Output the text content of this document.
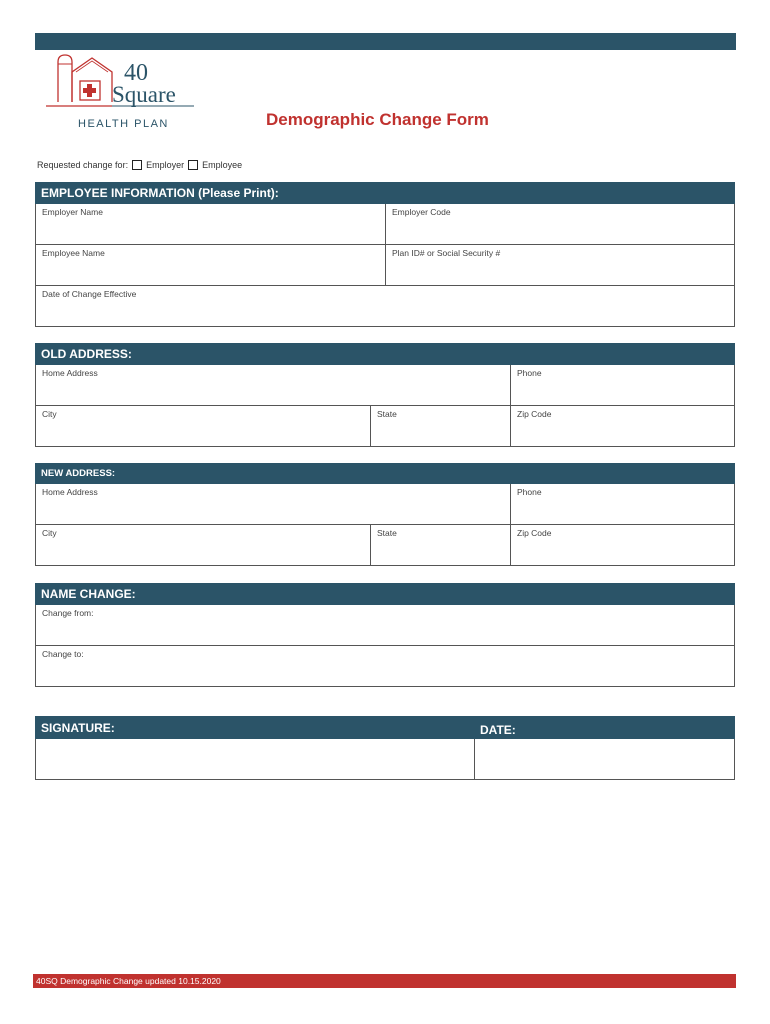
40
Square
HEALTH PLAN	Demographic Change Form
Requested change for: Employer Employee
EMPLOYEE INFORMATION (Please Print):
Employer Name	Employer Code
Employee Name	Plan ID# or Social Security #
Date of Change Effective
OLD ADDRESS:
Home Address	Phone
City	State	Zip Code
NEW ADDRESS:
Home Address	Phone
City	State	Zip Code
NAME CHANGE:
Change from:
Change to:
SIGNATURE:	DATE:
40SQ Demographic Change updated 10.15.2020
